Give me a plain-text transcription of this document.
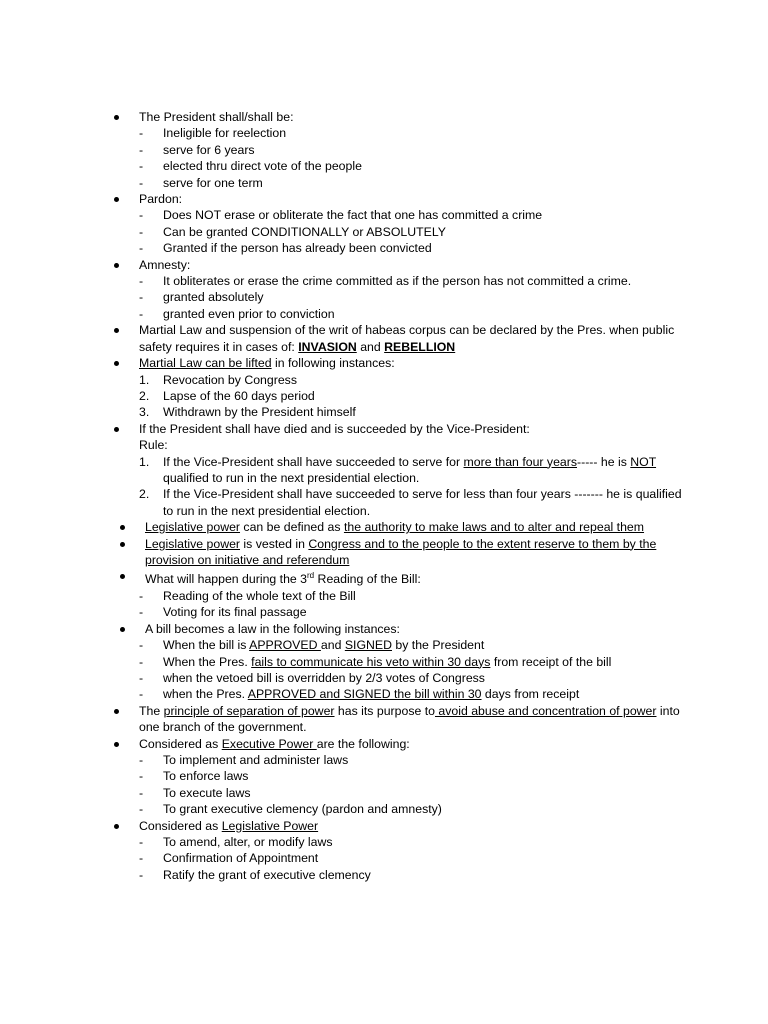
The President shall/shall be:
- Ineligible for reelection
- serve for 6 years
- elected thru direct vote of the people
- serve for one term
Pardon:
- Does NOT erase or obliterate the fact that one has committed a crime
- Can be granted CONDITIONALLY or ABSOLUTELY
- Granted if the person has already been convicted
Amnesty:
- It obliterates or erase the crime committed as if the person has not committed a crime.
- granted absolutely
- granted even prior to conviction
Martial Law and suspension of the writ of habeas corpus can be declared by the Pres. when public safety requires it in cases of: INVASION and REBELLION
Martial Law can be lifted in following instances:
1. Revocation by Congress
2. Lapse of the 60 days period
3. Withdrawn by the President himself
If the President shall have died and is succeeded by the Vice-President:
Rule:
1. If the Vice-President shall have succeeded to serve for more than four years----- he is NOT qualified to run in the next presidential election.
2. If the Vice-President shall have succeeded to serve for less than four years ------- he is qualified to run in the next presidential election.
Legislative power can be defined as the authority to make laws and to alter and repeal them
Legislative power is vested in Congress and to the people to the extent reserve to them by the provision on initiative and referendum
What will happen during the 3rd Reading of the Bill:
- Reading of the whole text of the Bill
- Voting for its final passage
A bill becomes a law in the following instances:
- When the bill is APPROVED and SIGNED by the President
- When the Pres. fails to communicate his veto within 30 days from receipt of the bill
- when the vetoed bill is overridden by 2/3 votes of Congress
- when the Pres. APPROVED and SIGNED the bill within 30 days from receipt
The principle of separation of power has its purpose to avoid abuse and concentration of power into one branch of the government.
Considered as Executive Power are the following:
- To implement and administer laws
- To enforce laws
- To execute laws
- To grant executive clemency (pardon and amnesty)
Considered as Legislative Power
- To amend, alter, or modify laws
- Confirmation of Appointment
- Ratify the grant of executive clemency
